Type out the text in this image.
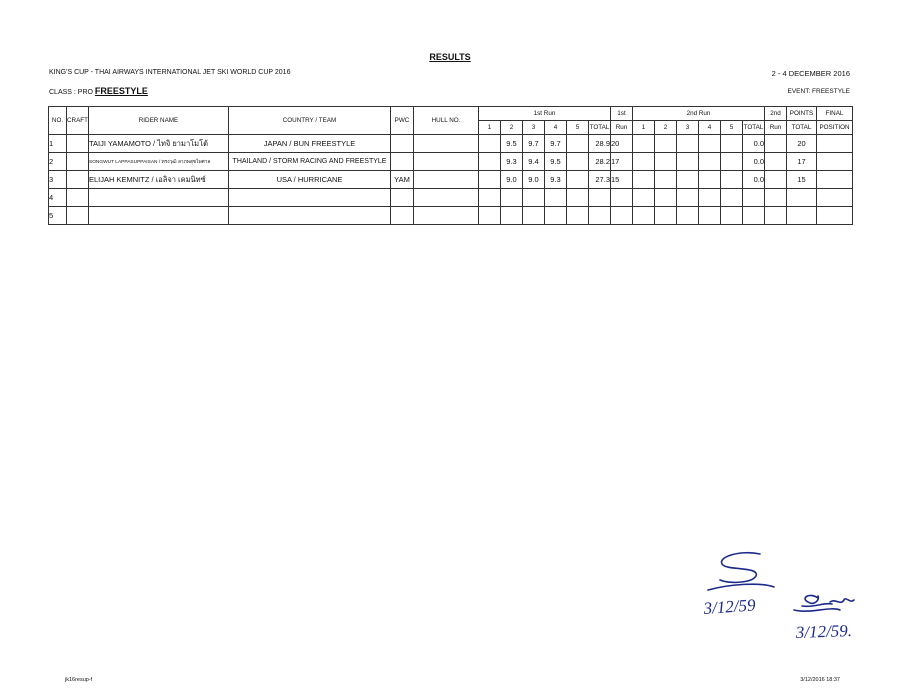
RESULTS
KING'S CUP - THAI AIRWAYS INTERNATIONAL JET SKI WORLD CUP 2016	2 - 4 DECEMBER 2016
CLASS : PRO FREESTYLE	EVENT: FREESTYLE
NO.	CRAFT	RIDER NAME	COUNTRY / TEAM	PWC	HULL NO.	1st Run						1st	2nd Run						2nd	POINTS	FINAL
						1	2	3	4	5	TOTAL	Run	1	2	3	4	5	TOTAL	Run	TOTAL	POSITION
1		TAIJI YAMAMOTO / ไทจิ ยามาโมโต้	JAPAN / BUN FREESTYLE				9.5	9.7	9.7		28.9	20						0.0		20	
2		SONGWUT LAPPASUPPAISAN / ทรงวุฒิ ลาภพสุขไพศาล	THAILAND / STORM RACING AND FREESTYLE				9.3	9.4	9.5		28.2	17						0.0		17	
3		ELIJAH KEMNITZ / เอลิจา เคมนิทซ์	USA / HURRICANE	YAM			9.0	9.0	9.3		27.3	15						0.0		15	
4																					
5																					
3/12/59
3/12/59.
jk16resup-f	3/12/2016 18:37
